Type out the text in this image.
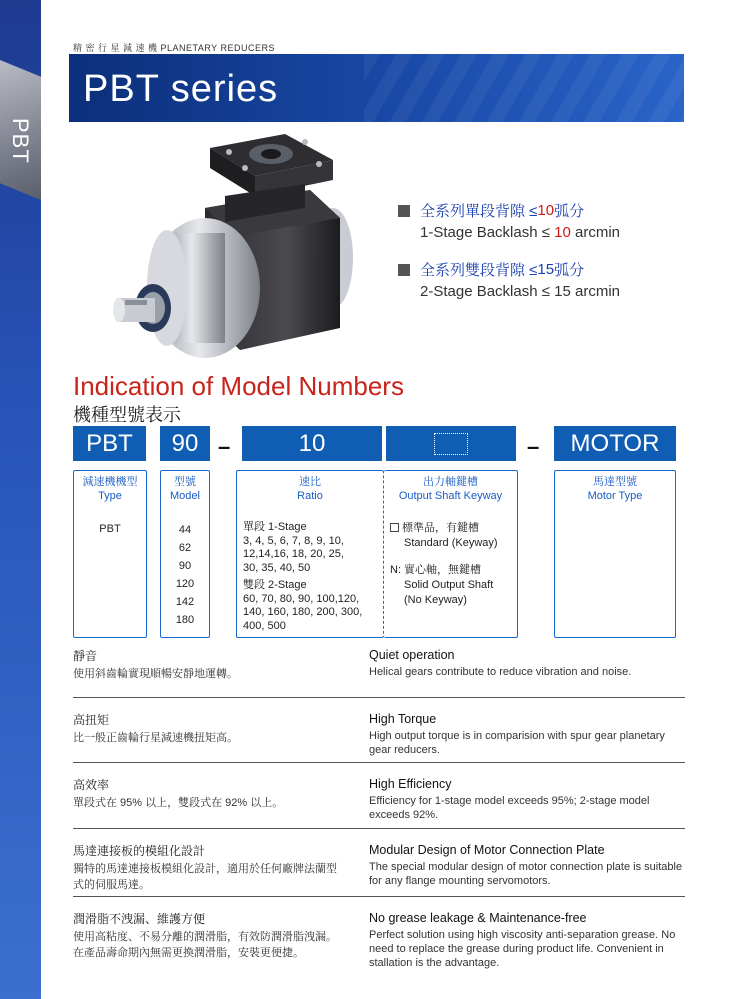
PBT
精 密 行 星 減 速 機 PLANETARY REDUCERS
PBT series
全系列單段背隙 ≤ 10 弧分
1-Stage Backlash ≤ 10 arcmin
全系列雙段背隙 ≤ 15 弧分
2-Stage Backlash ≤ 15 arcmin
Indication of Model Numbers
機種型號表示
PBT	90 –	10	–	MOTOR
減速機機型
Type
PBT
型號
Model
44
62
90
120
142
180
速比
Ratio
單段 1-Stage
3, 4, 5, 6, 7, 8, 9, 10,
12,14,16, 18, 20, 25,
30, 35, 40, 50
雙段 2-Stage
60, 70, 80, 90, 100,120,
140, 160, 180, 200, 300,
400, 500
出力軸鍵槽
Output Shaft Keyway
標準品，有鍵槽
Standard (Keyway)
N: 實心軸，無鍵槽
Solid Output Shaft
(No Keyway)
馬達型號
Motor Type
靜音
使用斜齒輪實現順暢安靜地運轉。
Quiet operation
Helical gears contribute to reduce vibration and noise.
高扭矩
比一般正齒輪行星減速機扭矩高。
High Torque
High output torque is in comparision with spur gear planetary gear reducers.
高效率
單段式在 95% 以上，雙段式在 92% 以上。
High Efficiency
Efficiency for 1-stage model exceeds 95%; 2-stage model exceeds 92%.
馬達連接板的模組化設計
獨特的馬達連接板模組化設計，適用於任何廠牌法蘭型式的伺服馬達。
Modular Design of Motor Connection Plate
The special modular design of motor connection plate is suitable for any flange mounting servomotors.
潤滑脂不洩漏、維護方便
使用高粘度、不易分離的潤滑脂，有效防潤滑脂洩漏。在產品壽命期內無需更換潤滑脂，安裝更便捷。
No grease leakage & Maintenance-free
Perfect solution using high viscosity anti-separation grease. No need to replace the grease during product life. Convenient in stallation is the advantage.
